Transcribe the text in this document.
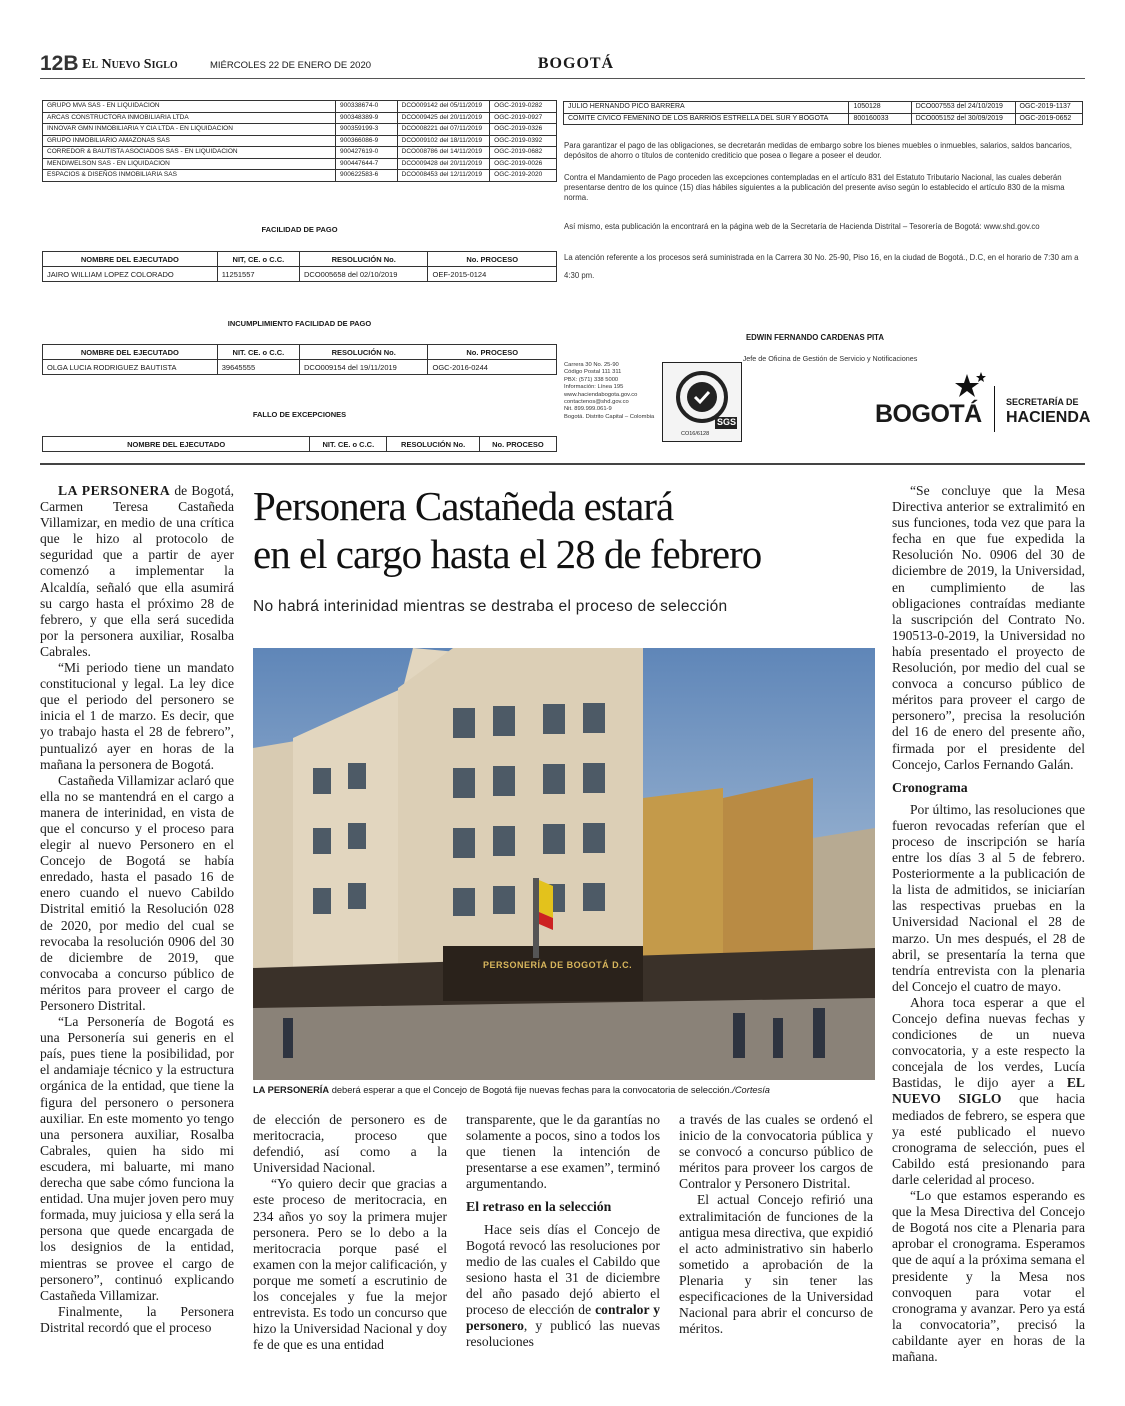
12B El Nuevo Siglo	MIÉRCOLES 22 DE ENERO DE 2020	BOGOTÁ
GRUPO MVA SAS - EN LIQUIDACION	900338674-0	DCO009142 del 05/11/2019	OGC-2019-0282
ARCAS CONSTRUCTORA INMOBILIARIA LTDA	900348389-9	DCO009425 del 20/11/2019	OGC-2019-0927
INNOVAR GMN INMOBILIARIA Y CIA LTDA - EN LIQUIDACION	900359199-3	DCO008221 del 07/11/2019	OGC-2019-0326
GRUPO INMOBILIARIO AMAZONAS SAS	900366086-9	DCO009102 del 18/11/2019	OGC-2019-0392
CORREDOR & BAUTISTA ASOCIADOS SAS - EN LIQUIDACION	900427619-0	DCO008786 del 14/11/2019	OGC-2019-0682
MENDIWELSON SAS - EN LIQUIDACION	900447644-7	DCO009428 del 20/11/2019	OGC-2019-0026
ESPACIOS & DISEÑOS INMOBILIARIA SAS	900622583-6	DCO008453 del 12/11/2019	OGC-2019-2020
JULIO HERNANDO PICO BARRERA	1050128	DCO007553 del 24/10/2019	OGC-2019-1137
COMITE CIVICO FEMENINO DE LOS BARRIOS ESTRELLA DEL SUR Y BOGOTA	800160033	DCO005152 del 30/09/2019	OGC-2019-0652
Para garantizar el pago de las obligaciones, se decretarán medidas de embargo sobre los bienes muebles o inmuebles, salarios, saldos bancarios, depósitos de ahorro o títulos de contenido crediticio que posea o llegare a poseer el deudor.
Contra el Mandamiento de Pago proceden las excepciones contempladas en el artículo 831 del Estatuto Tributario Nacional, las cuales deberán presentarse dentro de los quince (15) días hábiles siguientes a la publicación del presente aviso según lo establecido el artículo 830 de la misma norma.
Así mismo, esta publicación la encontrará en la página web de la Secretaría de Hacienda Distrital – Tesorería de Bogotá: www.shd.gov.co
La atención referente a los procesos será suministrada en la Carrera 30 No. 25-90, Piso 16, en la ciudad de Bogotá., D.C, en el horario de 7:30 am a 4:30 pm.
FACILIDAD DE PAGO
NOMBRE DEL EJECUTADO	NIT, CE. o C.C.	RESOLUCIÓN No.	No. PROCESO
JAIRO WILLIAM LOPEZ COLORADO	11251557	DCO005658 del 02/10/2019	OEF-2015-0124
INCUMPLIMIENTO FACILIDAD DE PAGO
NOMBRE DEL EJECUTADO	NIT. CE. o C.C.	RESOLUCIÓN No.	No. PROCESO
OLGA LUCIA RODRIGUEZ BAUTISTA	39645555	DCO009154 del 19/11/2019	OGC-2016-0244
FALLO DE EXCEPCIONES
NOMBRE DEL EJECUTADO	NIT. CE. o C.C.	RESOLUCIÓN No.	No. PROCESO
EDWIN FERNANDO CARDENAS PITA
Jefe de Oficina de Gestión de Servicio y Notificaciones
Carrera 30 No. 25-90
Código Postal 111 311
PBX: (571) 338 5000
Información: Línea 195
www.haciendabogota.gov.co
contactenos@shd.gov.co
Nit. 899.999.061-9
Bogotá. Distrito Capital – Colombia
SGS
CO16/6128
BOGOTÁ	SECRETARÍA DE
HACIENDA
Personera Castañeda estará
en el cargo hasta el 28 de febrero
No habrá interinidad mientras se destraba el proceso de selección
PERSONERÍA DE BOGOTÁ D.C.
LA PERSONERÍA deberá esperar a que el Concejo de Bogotá fije nuevas fechas para la convocatoria de selección./Cortesía

LA PERSONERA de Bogotá, Carmen Teresa Castañeda Villamizar, en medio de una crítica que le hizo al protocolo de seguridad que a partir de ayer comenzó a implementar la Alcaldía, señaló que ella asumirá su cargo hasta el próximo 28 de febrero, y que ella será sucedida por la personera auxiliar, Rosalba Cabrales.

“Mi periodo tiene un mandato constitucional y legal. La ley dice que el periodo del personero se inicia el 1 de marzo. Es decir, que yo trabajo hasta el 28 de febrero”, puntualizó ayer en horas de la mañana la personera de Bogotá.

Castañeda Villamizar aclaró que ella no se mantendrá en el cargo a manera de interinidad, en vista de que el concurso y el proceso para elegir al nuevo Personero en el Concejo de Bogotá se había enredado, hasta el pasado 16 de enero cuando el nuevo Cabildo Distrital emitió la Resolución 028 de 2020, por medio del cual se revocaba la resolución 0906 del 30 de diciembre de 2019, que convocaba a concurso público de méritos para proveer el cargo de Personero Distrital.

“La Personería de Bogotá es una Personería sui generis en el país, pues tiene la posibilidad, por el andamiaje técnico y la estructura orgánica de la entidad, que tiene la figura del personero o personera auxiliar. En este momento yo tengo una personera auxiliar, Rosalba Cabrales, quien ha sido mi escudera, mi baluarte, mi mano derecha que sabe cómo funciona la entidad. Una mujer joven pero muy formada, muy juiciosa y ella será la persona que quede encargada de los designios de la entidad, mientras se provee el cargo de personero”, continuó explicando Castañeda Villamizar.

Finalmente, la Personera Distrital recordó que el proceso

de elección de personero es de meritocracia, proceso que defendió, así como a la Universidad Nacional.

“Yo quiero decir que gracias a este proceso de meritocracia, en 234 años yo soy la primera mujer personera. Pero se lo debo a la meritocracia porque pasé el examen con la mejor calificación, y porque me sometí a escrutinio de los concejales y fue la mejor entrevista. Es todo un concurso que hizo la Universidad Nacional y doy fe de que es una entidad

transparente, que le da garantías no solamente a pocos, sino a todos los que tienen la intención de presentarse a ese examen”, terminó argumentando.

El retraso en la selección

Hace seis días el Concejo de Bogotá revocó las resoluciones por medio de las cuales el Cabildo que sesiono hasta el 31 de diciembre del año pasado dejó abierto el proceso de elección de contralor y personero, y publicó las nuevas resoluciones

a través de las cuales se ordenó el inicio de la convocatoria pública y se convocó a concurso público de méritos para proveer los cargos de Contralor y Personero Distrital.

El actual Concejo refirió una extralimitación de funciones de la antigua mesa directiva, que expidió el acto administrativo sin haberlo sometido a aprobación de la Plenaria y sin tener las especificaciones de la Universidad Nacional para abrir el concurso de méritos.

“Se concluye que la Mesa Directiva anterior se extralimitó en sus funciones, toda vez que para la fecha en que fue expedida la Resolución No. 0906 del 30 de diciembre de 2019, la Universidad, en cumplimiento de las obligaciones contraídas mediante la suscripción del Contrato No. 190513-0-2019, la Universidad no había presentado el proyecto de Resolución, por medio del cual se convoca a concurso público de méritos para proveer el cargo de personero”, precisa la resolución del 16 de enero del presente año, firmada por el presidente del Concejo, Carlos Fernando Galán.

Cronograma

Por último, las resoluciones que fueron revocadas referían que el proceso de inscripción se haría entre los días 3 al 5 de febrero. Posteriormente a la publicación de la lista de admitidos, se iniciarían las respectivas pruebas en la Universidad Nacional el 28 de marzo. Un mes después, el 28 de abril, se presentaría la terna que tendría entrevista con la plenaria del Concejo el cuatro de mayo.

Ahora toca esperar a que el Concejo defina nuevas fechas y condiciones de un nueva convocatoria, y a este respecto la concejala de los verdes, Lucía Bastidas, le dijo ayer a EL NUEVO SIGLO que hacia mediados de febrero, se espera que ya esté publicado el nuevo cronograma de selección, pues el Cabildo está presionando para darle celeridad al proceso.

“Lo que estamos esperando es que la Mesa Directiva del Concejo de Bogotá nos cite a Plenaria para aprobar el cronograma. Esperamos que de aquí a la próxima semana el presidente y la Mesa nos convoquen para votar el cronograma y avanzar. Pero ya está la convocatoria”, precisó la cabildante ayer en horas de la mañana.
